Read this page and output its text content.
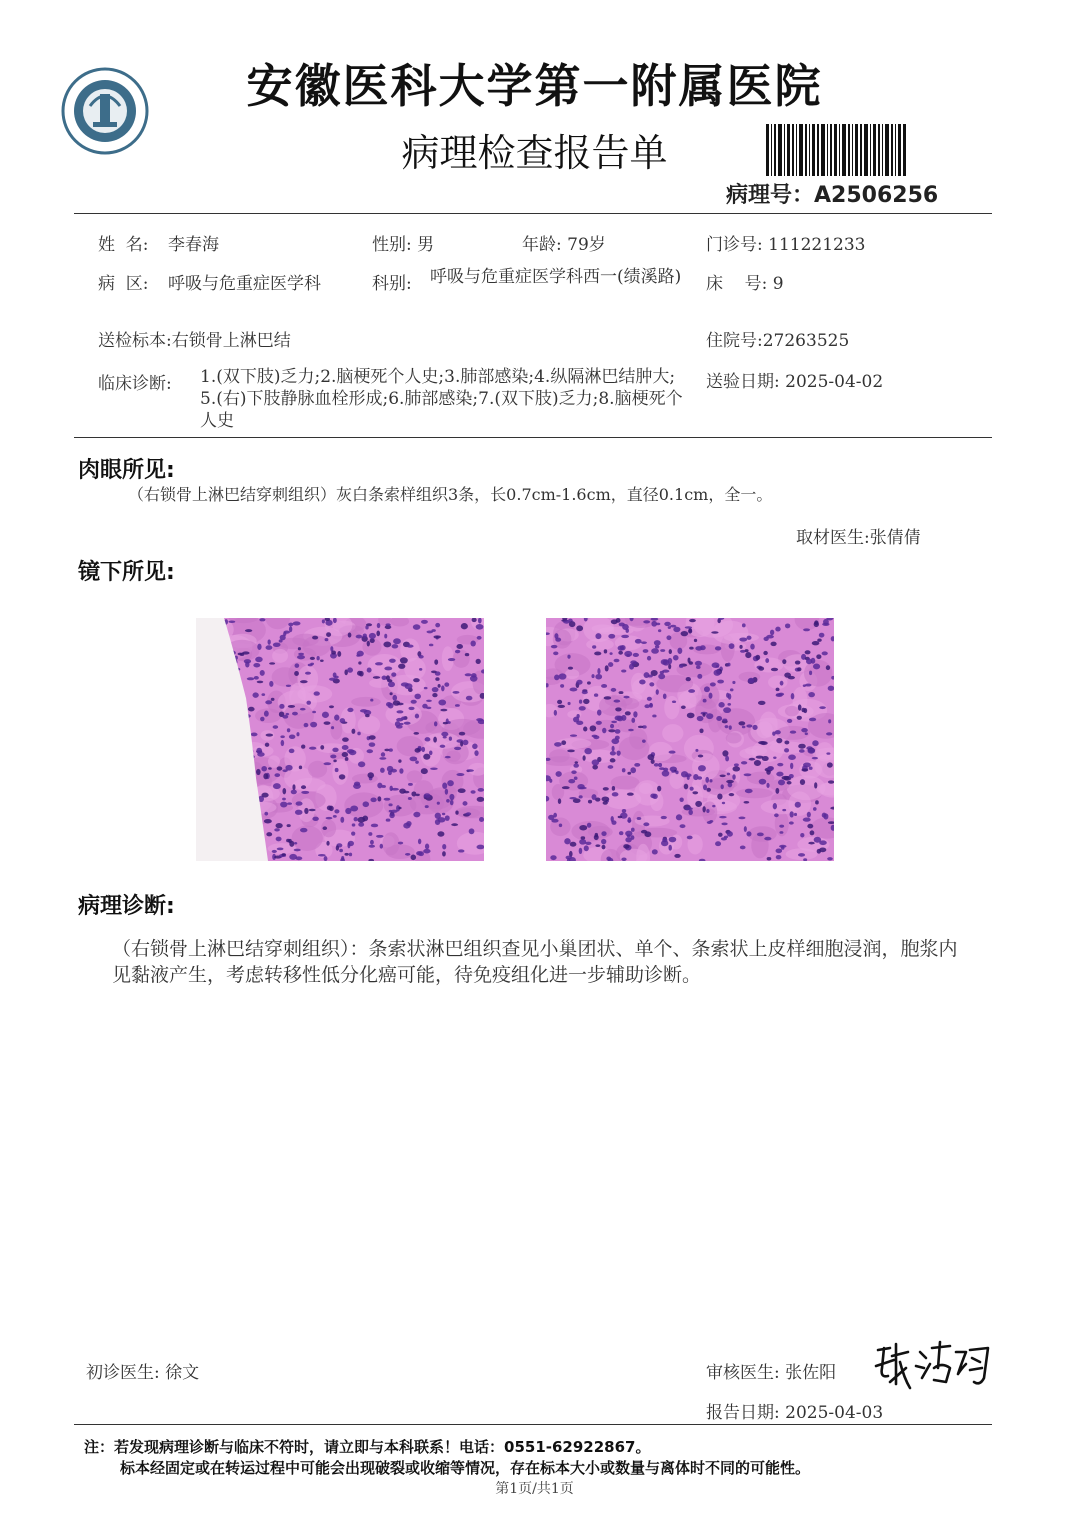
安徽医科大学第一附属医院
病理检查报告单
病理号：A2506256
姓  名: 李春海	性别: 男	年龄: 79岁	门诊号: 111221233
病  区: 呼吸与危重症医学科	科别: 呼吸与危重症医学科西一(绩溪路)	床    号: 9
送检标本:右锁骨上淋巴结	住院号:27263525
临床诊断: 1.(双下肢)乏力;2.脑梗死个人史;3.肺部感染;4.纵隔淋巴结肿大;5.(右)下肢静脉血栓形成;6.肺部感染;7.(双下肢)乏力;8.脑梗死个人史
送验日期: 2025-04-02
肉眼所见:
（右锁骨上淋巴结穿刺组织）灰白条索样组织3条，长0.7cm-1.6cm，直径0.1cm，全一。
取材医生:张倩倩
镜下所见:
病理诊断:
（右锁骨上淋巴结穿刺组织）：条索状淋巴组织查见小巢团状、单个、条索状上皮样细胞浸润，胞浆内见黏液产生，考虑转移性低分化癌可能，待免疫组化进一步辅助诊断。
初诊医生: 徐文	审核医生: 张佐阳
报告日期: 2025-04-03
注：若发现病理诊断与临床不符时，请立即与本科联系！电话：0551-62922867。
标本经固定或在转运过程中可能会出现破裂或收缩等情况，存在标本大小或数量与离体时不同的可能性。
第1页/共1页
